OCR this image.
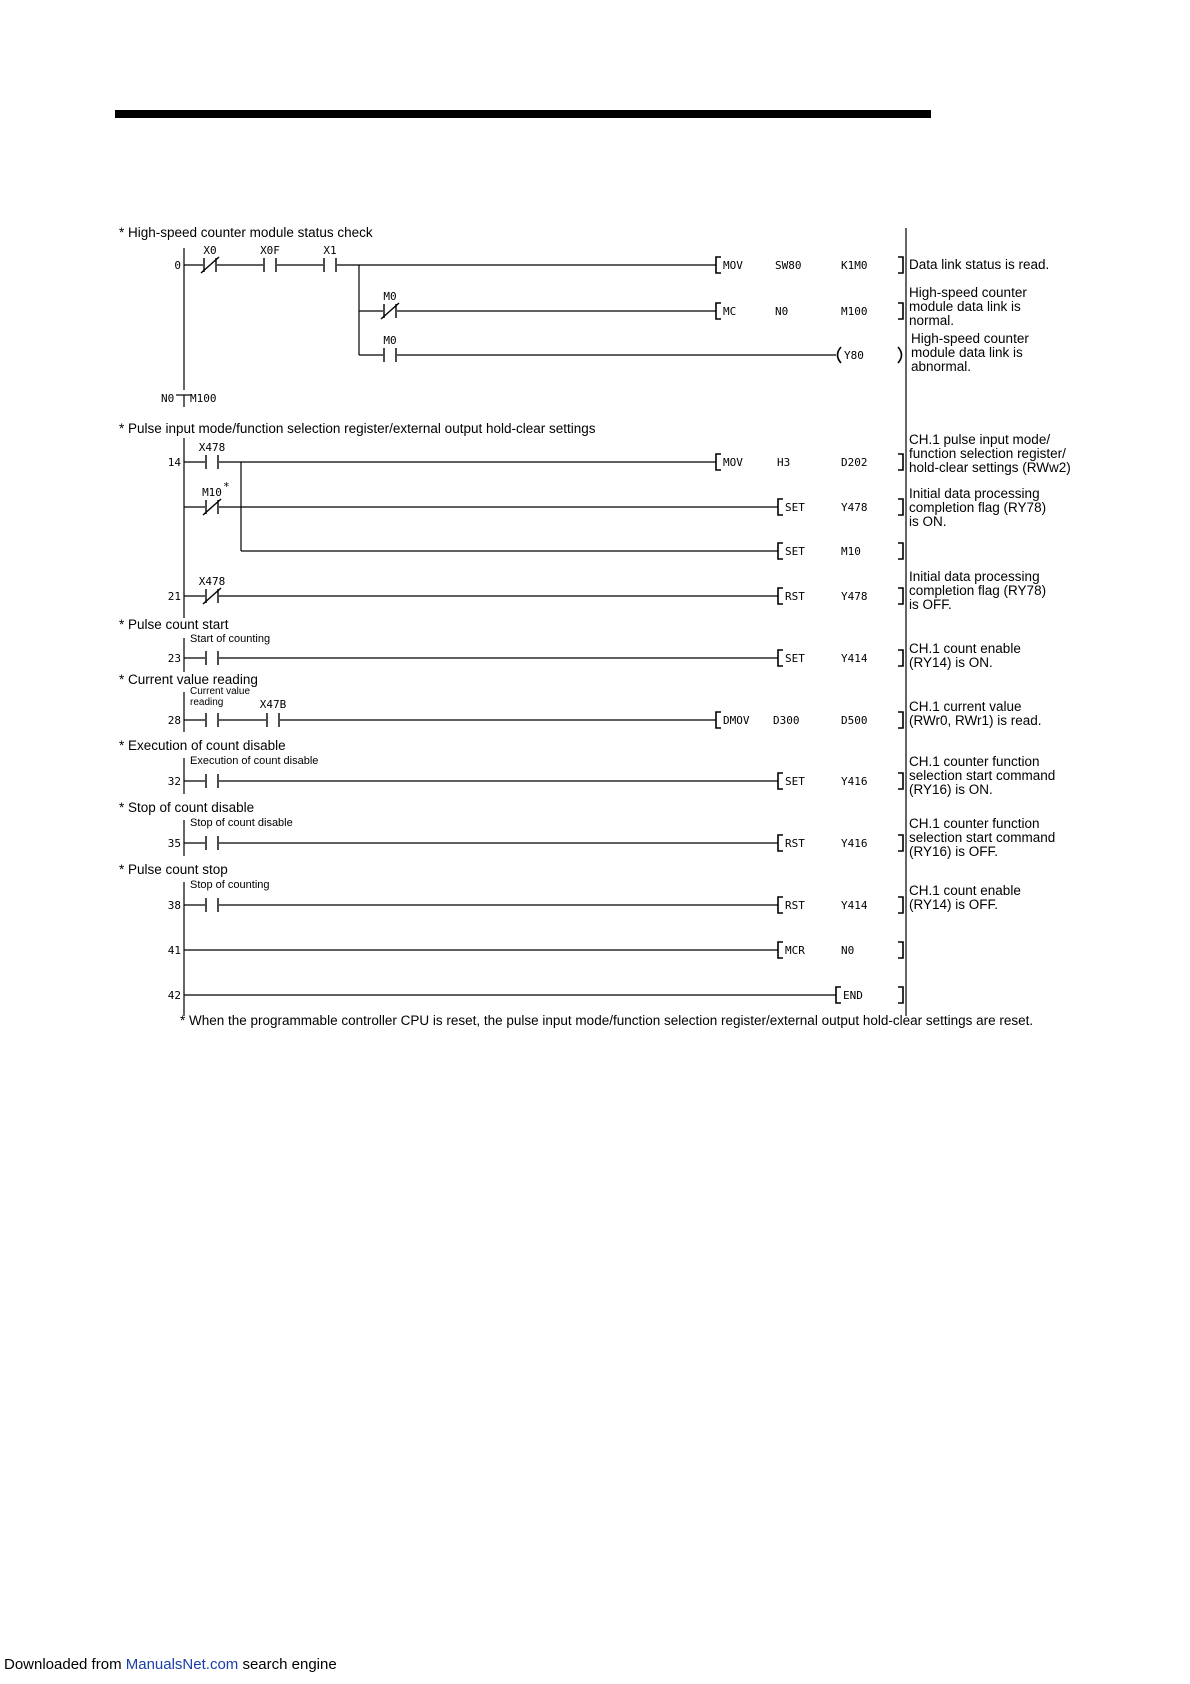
0
14
21
23
28
32
35
38
41
42
N0 M100
X0	X0F	X1
M0
M0
X478
M10
X478
X47B
*
MOV	SW80	K1M0
MC	N0	M100
Y80
MOV	H3	D202
SET	Y478
SET	M10
RST	Y478
SET	Y414
DMOV D300	D500
SET	Y416
RST	Y416
RST	Y414
MCR	N0
END
* High-speed counter module status check
* Pulse input mode/function selection register/external output hold-clear settings
* Pulse count start
* Current value reading
* Execution of count disable
* Stop of count disable
* Pulse count stop
Start of counting
Current value
reading
Execution of count disable
Stop of count disable
Stop of counting
Data link status is read.
High-speed counter
module data link is
normal.
High-speed counter
module data link is
abnormal.
CH.1 pulse input mode/
function selection register/
hold-clear settings (RWw2)
Initial data processing
completion flag (RY78)
is ON.
Initial data processing
completion flag (RY78)
is OFF.
CH.1 count enable
(RY14) is ON.
CH.1 current value
(RWr0, RWr1) is read.
CH.1 counter function
selection start command
(RY16) is ON.
CH.1 counter function
selection start command
(RY16) is OFF.
CH.1 count enable
(RY14) is OFF.
* When the programmable controller CPU is reset, the pulse input mode/function selection register/external output hold-clear settings are reset.
Downloaded from ManualsNet.com search engine
